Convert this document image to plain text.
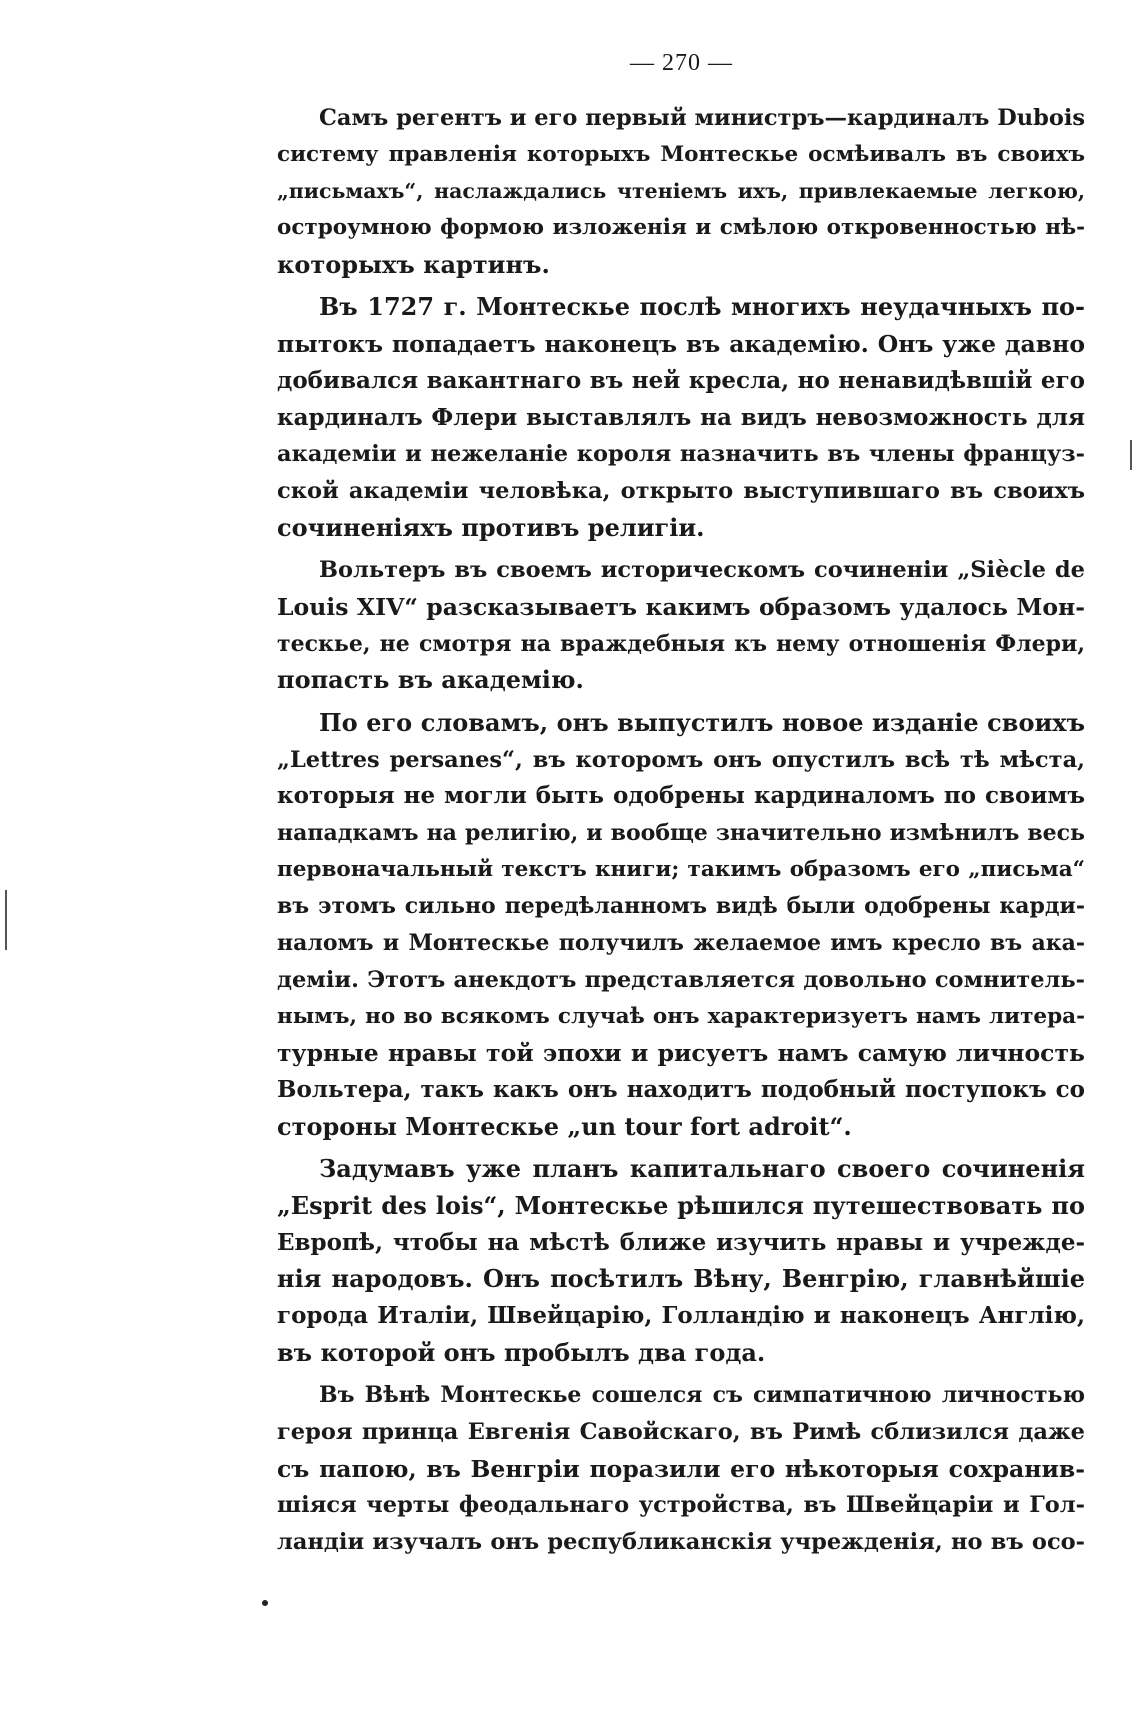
— 270 —
Самъ регентъ и его первый министръ—кардиналъ Dubois
систему правленія которыхъ Монтескье осмѣивалъ въ своихъ
„письмахъ“, наслаждались чтеніемъ ихъ, привлекаемые легкою,
остроумною формою изложенія и смѣлою откровенностью нѣ-
которыхъ картинъ.
Въ 1727 г. Монтескье послѣ многихъ неудачныхъ по-
пытокъ попадаетъ наконецъ въ академію. Онъ уже давно
добивался вакантнаго въ ней кресла, но ненавидѣвшій его
кардиналъ Флери выставлялъ на видъ невозможность для
академіи и нежеланіе короля назначить въ члены француз-
ской академіи человѣка, открыто выступившаго въ своихъ
сочиненіяхъ противъ религіи.
Вольтеръ въ своемъ историческомъ сочиненіи „Siècle de
Louis XIV“ разсказываетъ какимъ образомъ удалось Мон-
тескье, не смотря на враждебныя къ нему отношенія Флери,
попасть въ академію.
По его словамъ, онъ выпустилъ новое изданіе своихъ
„Lettres persanes“, въ которомъ онъ опустилъ всѣ тѣ мѣста,
которыя не могли быть одобрены кардиналомъ по своимъ
нападкамъ на религію, и вообще значительно измѣнилъ весь
первоначальный текстъ книги; такимъ образомъ его „письма“
въ этомъ сильно передѣланномъ видѣ были одобрены карди-
наломъ и Монтескье получилъ желаемое имъ кресло въ ака-
деміи. Этотъ анекдотъ представляется довольно сомнитель-
нымъ, но во всякомъ случаѣ онъ характеризуетъ намъ литера-
турные нравы той эпохи и рисуетъ намъ самую личность
Вольтера, такъ какъ онъ находитъ подобный поступокъ со
стороны Монтескье „un tour fort adroit“.
Задумавъ уже планъ капитальнаго своего сочиненія
„Esprit des lois“, Монтескье рѣшился путешествовать по
Европѣ, чтобы на мѣстѣ ближе изучить нравы и учрежде-
нія народовъ. Онъ посѣтилъ Вѣну, Венгрію, главнѣйшіе
города Италіи, Швейцарію, Голландію и наконецъ Англію,
въ которой онъ пробылъ два года.
Въ Вѣнѣ Монтескье сошелся съ симпатичною личностью
героя принца Евгенія Савойскаго, въ Римѣ сблизился даже
съ папою, въ Венгріи поразили его нѣкоторыя сохранив-
шіяся черты феодальнаго устройства, въ Швейцаріи и Гол-
ландіи изучалъ онъ республиканскія учрежденія, но въ осо-
